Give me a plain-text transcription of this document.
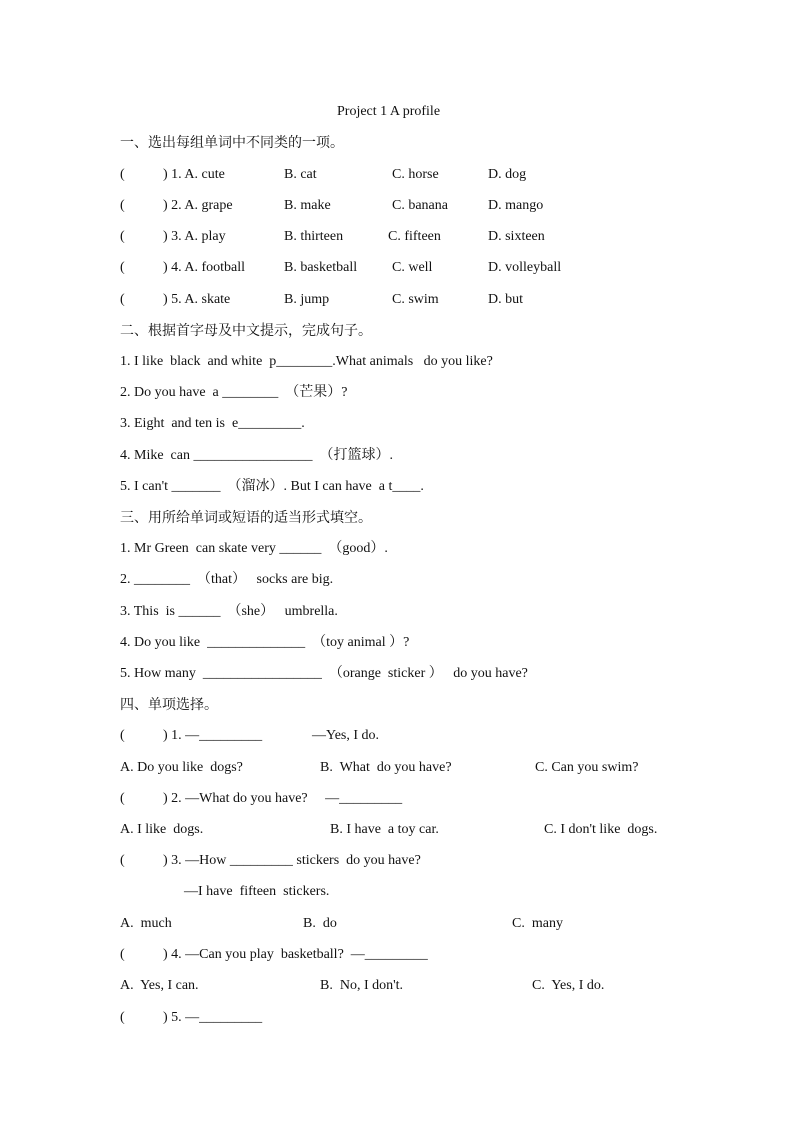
Project 1 A profile
一、选出每组单词中不同类的一项。
(	) 1. A. cute	B. cat	C. horse	D. dog
(	) 2. A. grape	B. make	C. banana	D. mango
(	) 3. A. play	B. thirteen	C. fifteen	D. sixteen
(	) 4. A. football	B. basketball C. well	D. volleyball
(	) 5. A. skate	B. jump	C. swim	D. but
二、根据首字母及中文提示，完成句子。
1. I like  black  and white  p________.What animals   do you like?
2. Do you have  a ________  （芒果）?
3. Eight  and ten is  e_________.
4. Mike  can _________________  （打篮球）.
5. I can't _______  （溜冰）. But I can have  a t____.
三、用所给单词或短语的适当形式填空。
1. Mr Green  can skate very ______  （good）.
2. ________  （that）   socks are big.
3. This  is ______  （she）   umbrella.
4. Do you like  ______________  （toy animal ）?
5. How many  _________________  （orange  sticker ）   do you have?
四、单项选择。
(	) 1. —_________	—Yes, I do.
A. Do you like  dogs?	B.  What  do you have?	C. Can you swim?
(	) 2. —What do you have?     —_________
A. I like  dogs.	B. I have  a toy car.	C. I don't like  dogs.
(	) 3. —How _________ stickers  do you have?
—I have  fifteen  stickers.
A.  much	B.  do	C.  many
(	) 4. —Can you play  basketball?  —_________
A.  Yes, I can.	B.  No, I don't.	C.  Yes, I do.
(	) 5. —_________
